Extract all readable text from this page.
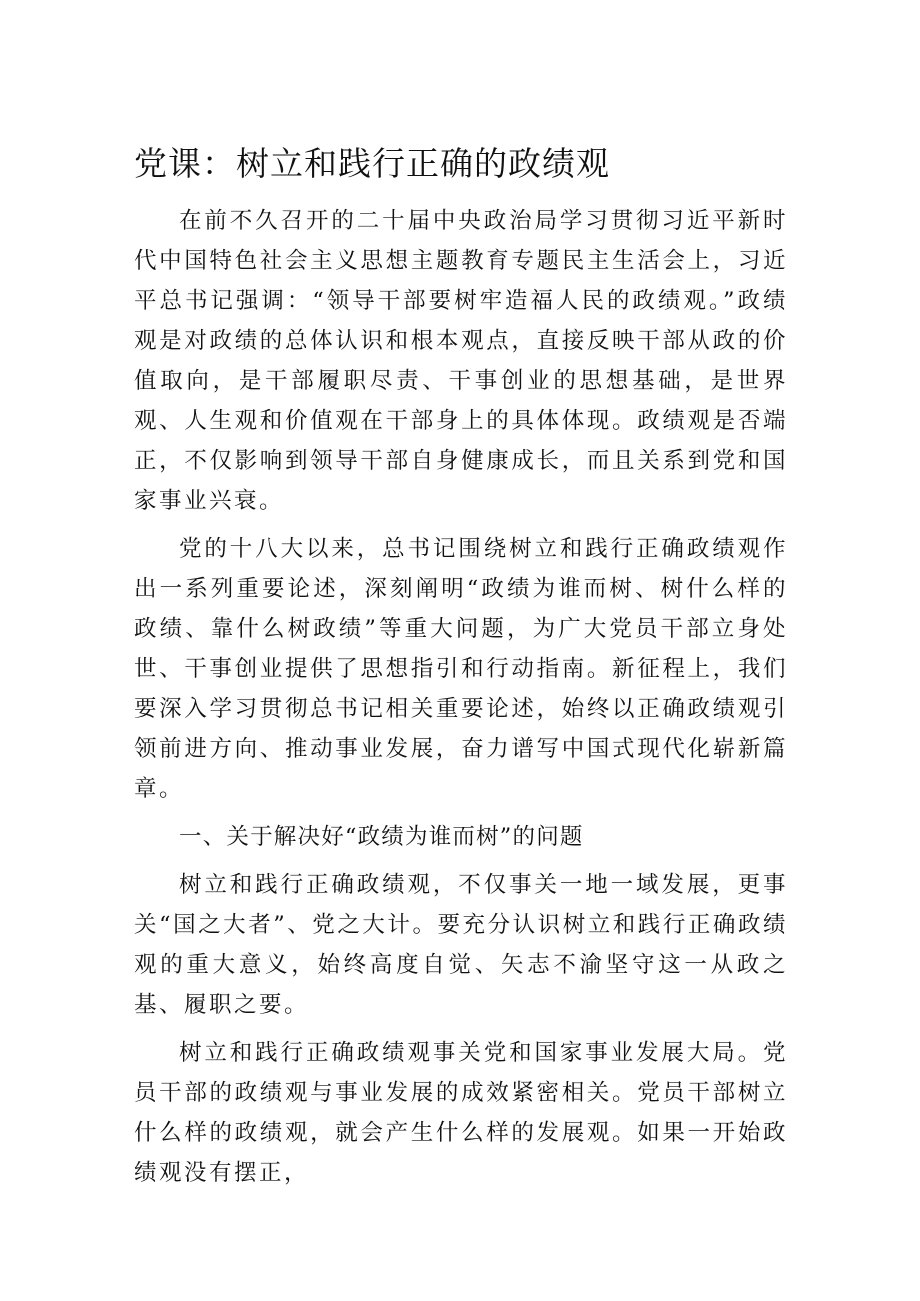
党课：树立和践行正确的政绩观

在前不久召开的二十届中央政治局学习贯彻习近平新时代中国特色社会主义思想主题教育专题民主生活会上，习近平总书记强调：“领导干部要树牢造福人民的政绩观。”政绩观是对政绩的总体认识和根本观点，直接反映干部从政的价值取向，是干部履职尽责、干事创业的思想基础，是世界观、人生观和价值观在干部身上的具体体现。政绩观是否端正，不仅影响到领导干部自身健康成长，而且关系到党和国家事业兴衰。

党的十八大以来，总书记围绕树立和践行正确政绩观作出一系列重要论述，深刻阐明“政绩为谁而树、树什么样的政绩、靠什么树政绩”等重大问题，为广大党员干部立身处世、干事创业提供了思想指引和行动指南。新征程上，我们要深入学习贯彻总书记相关重要论述，始终以正确政绩观引领前进方向、推动事业发展，奋力谱写中国式现代化崭新篇章。

一、关于解决好“政绩为谁而树”的问题

树立和践行正确政绩观，不仅事关一地一域发展，更事关“国之大者”、党之大计。要充分认识树立和践行正确政绩观的重大意义，始终高度自觉、矢志不渝坚守这一从政之基、履职之要。

树立和践行正确政绩观事关党和国家事业发展大局。党员干部的政绩观与事业发展的成效紧密相关。党员干部树立什么样的政绩观，就会产生什么样的发展观。如果一开始政绩观没有摆正，
